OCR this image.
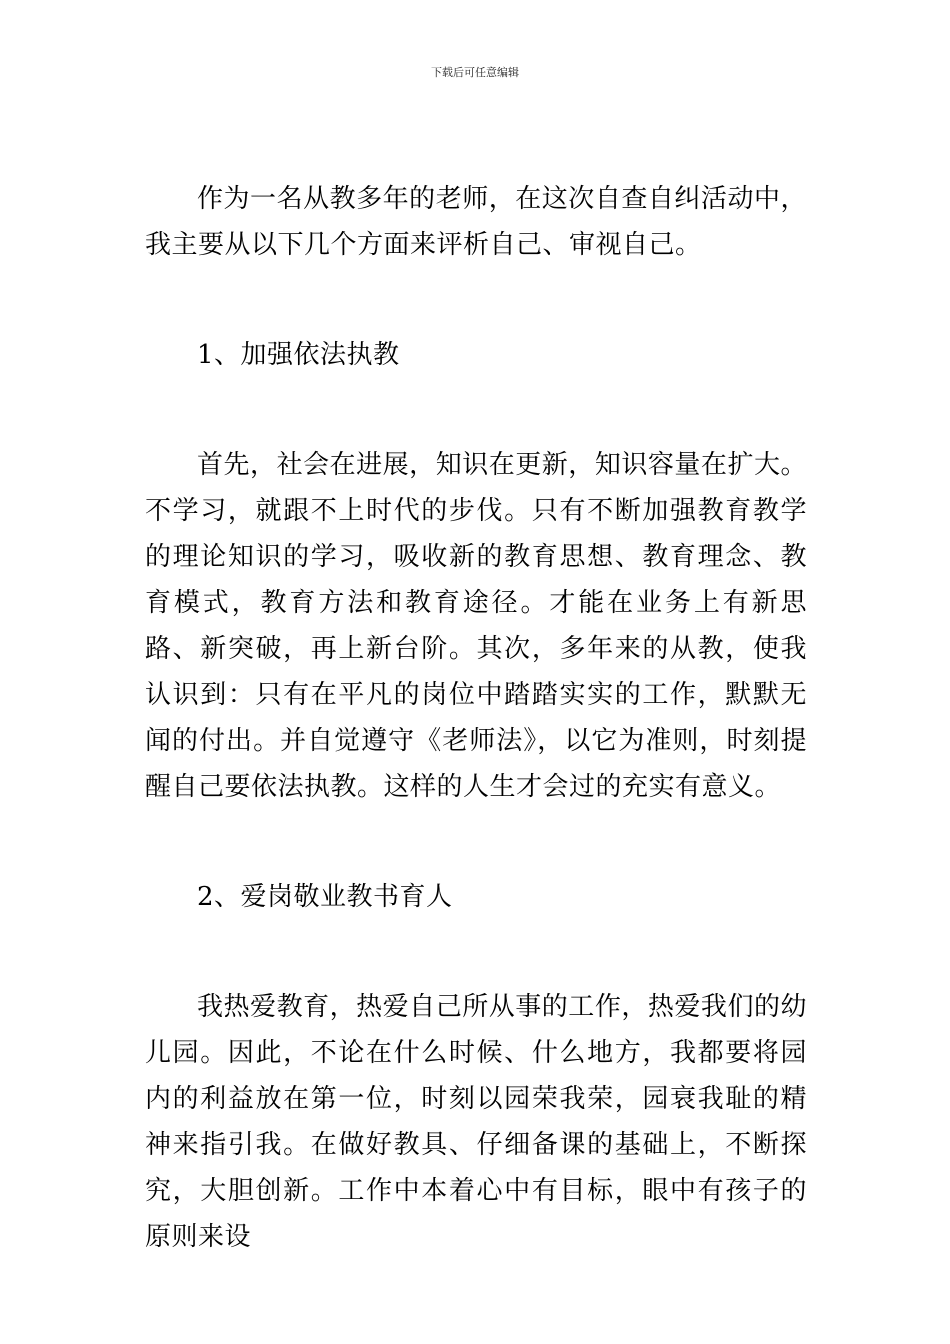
下载后可任意编辑

作为一名从教多年的老师，在这次自查自纠活动中，我主要从以下几个方面来评析自己、审视自己。

1、加强依法执教

首先，社会在进展，知识在更新，知识容量在扩大。不学习，就跟不上时代的步伐。只有不断加强教育教学的理论知识的学习，吸收新的教育思想、教育理念、教育模式，教育方法和教育途径。才能在业务上有新思路、新突破，再上新台阶。其次，多年来的从教，使我认识到：只有在平凡的岗位中踏踏实实的工作，默默无闻的付出。并自觉遵守《老师法》，以它为准则，时刻提醒自己要依法执教。这样的人生才会过的充实有意义。

2、爱岗敬业教书育人

我热爱教育，热爱自己所从事的工作，热爱我们的幼儿园。因此，不论在什么时候、什么地方，我都要将园内的利益放在第一位，时刻以园荣我荣，园衰我耻的精神来指引我。在做好教具、仔细备课的基础上，不断探究，大胆创新。工作中本着心中有目标，眼中有孩子的原则来设
